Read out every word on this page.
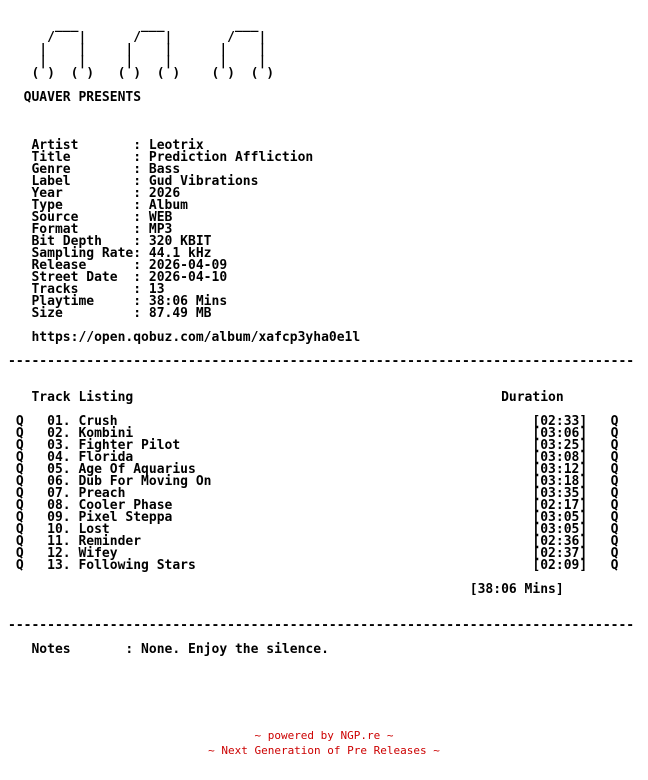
___        ___         ___
/   |      /   |       /   |
|    |     |    |      |    |
|    |     |    |      |    |
( )  ( )   ( )  ( )    ( )  ( )

QUAVER PRESENTS

Artist       : Leotrix
Title        : Prediction Affliction
Genre        : Bass
Label        : Gud Vibrations
Year         : 2026
Type         : Album
Source       : WEB
Format       : MP3
Bit Depth    : 320 KBIT
Sampling Rate: 44.1 kHz
Release      : 2026-04-09
Street Date  : 2026-04-10
Tracks       : 13
Playtime     : 38:06 Mins
Size         : 87.49 MB

https://open.qobuz.com/album/xafcp3yha0e1l

--------------------------------------------------------------------------------

Track Listing                                               Duration

Q   01. Crush                                                     [02:33]   Q
Q   02. Kombini                                                   [03:06]   Q
Q   03. Fighter Pilot                                             [03:25]   Q
Q   04. Florida                                                   [03:08]   Q
Q   05. Age Of Aquarius                                           [03:12]   Q
Q   06. Dub For Moving On                                         [03:18]   Q
Q   07. Preach                                                    [03:35]   Q
Q   08. Cooler Phase                                              [02:17]   Q
Q   09. Pixel Steppa                                              [03:05]   Q
Q   10. Lost                                                      [03:05]   Q
Q   11. Reminder                                                  [02:36]   Q
Q   12. Wifey                                                     [02:37]   Q
Q   13. Following Stars                                           [02:09]   Q

[38:06 Mins]

--------------------------------------------------------------------------------

Notes       : None. Enjoy the silence.

~ powered by NGP.re ~
~ Next Generation of Pre Releases ~
